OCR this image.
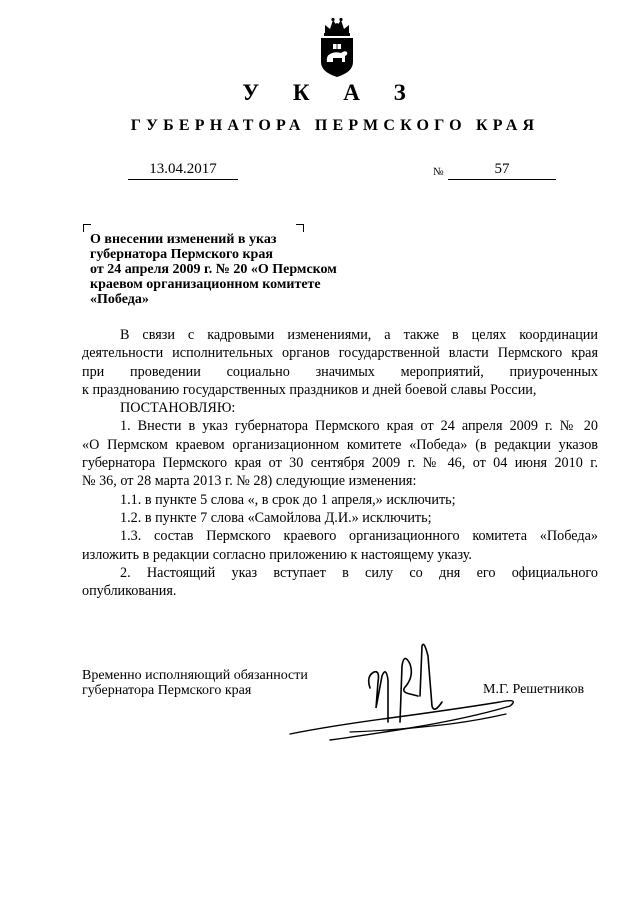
У К А З
ГУБЕРНАТОРА ПЕРМСКОГО КРАЯ
13.04.2017	№	57
О внесении изменений в указ
губернатора Пермского края
от 24 апреля 2009 г. № 20 «О Пермском
краевом организационном комитете
«Победа»

В связи с кадровыми изменениями, а также в целях координации

деятельности исполнительных органов государственной власти Пермского края

при проведении социально значимых мероприятий, приуроченных

к празднованию государственных праздников и дней боевой славы России,

ПОСТАНОВЛЯЮ:

1. Внести в указ губернатора Пермского края от 24 апреля 2009 г. № 20

«О Пермском краевом организационном комитете «Победа» (в редакции указов

губернатора Пермского края от 30 сентября 2009 г. № 46, от 04 июня 2010 г.

№ 36, от 28 марта 2013 г. № 28) следующие изменения:

1.1. в пункте 5 слова «, в срок до 1 апреля,» исключить;

1.2. в пункте 7 слова «Самойлова Д.И.» исключить;

1.3. состав Пермского краевого организационного комитета «Победа»

изложить в редакции согласно приложению к настоящему указу.

2. Настоящий указ вступает в силу со дня его официального

опубликования.

Временно исполняющий обязанности
губернатора Пермского края	М.Г. Решетников
